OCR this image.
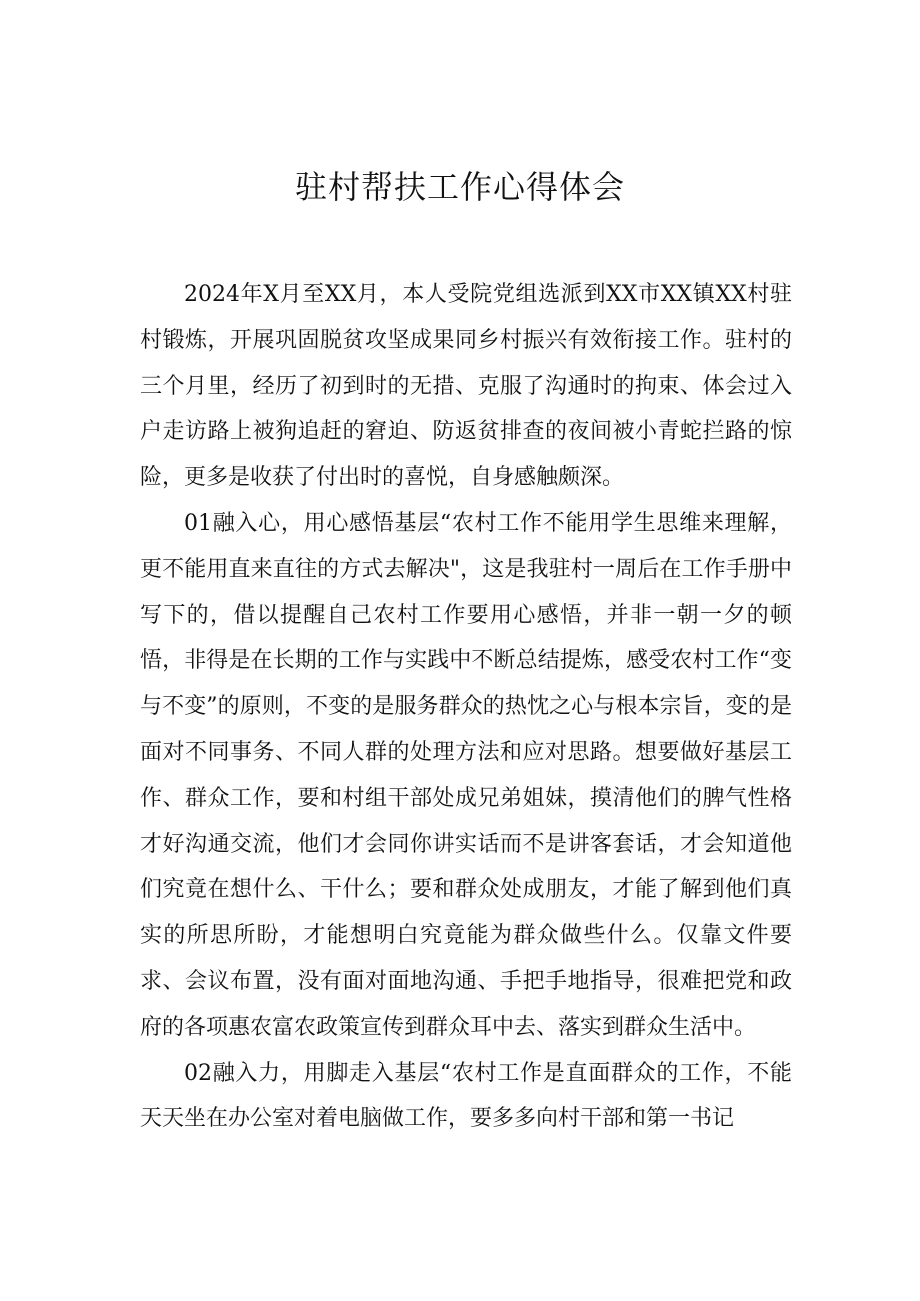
驻村帮扶工作心得体会

2024年X月至XX月，本人受院党组选派到XX市XX镇XX村驻村锻炼，开展巩固脱贫攻坚成果同乡村振兴有效衔接工作。驻村的三个月里，经历了初到时的无措、克服了沟通时的拘束、体会过入户走访路上被狗追赶的窘迫、防返贫排查的夜间被小青蛇拦路的惊险，更多是收获了付出时的喜悦，自身感触颇深。

01融入心，用心感悟基层“农村工作不能用学生思维来理解，更不能用直来直往的方式去解决"，这是我驻村一周后在工作手册中写下的，借以提醒自己农村工作要用心感悟，并非一朝一夕的顿悟，非得是在长期的工作与实践中不断总结提炼，感受农村工作“变与不变”的原则，不变的是服务群众的热忱之心与根本宗旨，变的是面对不同事务、不同人群的处理方法和应对思路。想要做好基层工作、群众工作，要和村组干部处成兄弟姐妹，摸清他们的脾气性格才好沟通交流，他们才会同你讲实话而不是讲客套话，才会知道他们究竟在想什么、干什么；要和群众处成朋友，才能了解到他们真实的所思所盼，才能想明白究竟能为群众做些什么。仅靠文件要求、会议布置，没有面对面地沟通、手把手地指导，很难把党和政府的各项惠农富农政策宣传到群众耳中去、落实到群众生活中。

02融入力，用脚走入基层“农村工作是直面群众的工作，不能天天坐在办公室对着电脑做工作，要多多向村干部和第一书记
